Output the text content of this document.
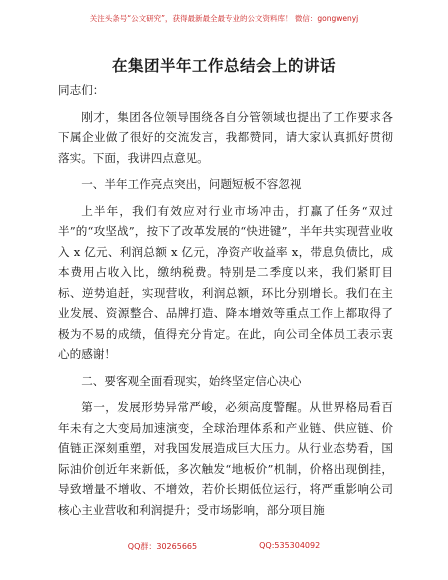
关注头条号“公文研究”，获得最新最全最专业的公文资料库！ 微信：gongwenyj
在集团半年工作总结会上的讲话

同志们：

刚才，集团各位领导围绕各自分管领域也提出了工作要求各下属企业做了很好的交流发言，我都赞同，请大家认真抓好贯彻落实。下面，我讲四点意见。

一、半年工作亮点突出，问题短板不容忽视

上半年，我们有效应对行业市场冲击，打赢了任务“双过半”的“攻坚战”，按下了改革发展的“快进键”，半年共实现营业收入 x 亿元、利润总额 x 亿元，净资产收益率 x，带息负债比，成本费用占收入比，缴纳税费。特别是二季度以来，我们紧盯目标、逆势追赶，实现营收，利润总额，环比分别增长。我们在主业发展、资源整合、品牌打造、降本增效等重点工作上都取得了极为不易的成绩，值得充分肯定。在此，向公司全体员工表示衷心的感谢！

二、要客观全面看现实，始终坚定信心决心

第一，发展形势异常严峻，必须高度警醒。从世界格局看百年未有之大变局加速演变，全球治理体系和产业链、供应链、价值链正深刻重塑，对我国发展造成巨大压力。从行业态势看，国际油价创近年来新低，多次触发“地板价”机制，价格出现倒挂，导致增量不增收、不增效，若价长期低位运行，将严重影响公司核心主业营收和利润提升；受市场影响，部分项目施

QQ群：30265665	QQ:535304092
